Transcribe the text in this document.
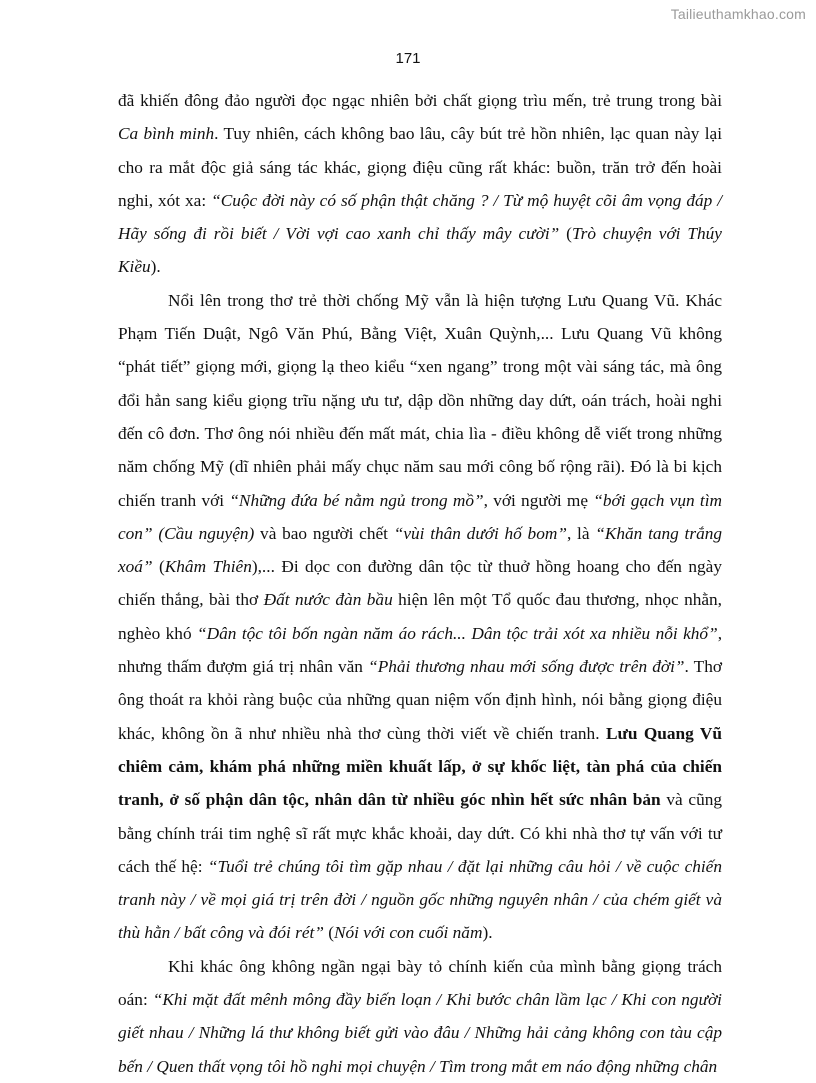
Tailieuthamkhao.com
171

đã khiến đông đảo người đọc ngạc nhiên bởi chất giọng trìu mến, trẻ trung trong bài Ca bình minh. Tuy nhiên, cách không bao lâu, cây bút trẻ hồn nhiên, lạc quan này lại cho ra mắt độc giả sáng tác khác, giọng điệu cũng rất khác: buồn, trăn trở đến hoài nghi, xót xa: “Cuộc đời này có số phận thật chăng ? / Từ mộ huyệt cõi âm vọng đáp / Hãy sống đi rồi biết / Vời vợi cao xanh chỉ thấy mây cười” (Trò chuyện với Thúy Kiều).

Nổi lên trong thơ trẻ thời chống Mỹ vẫn là hiện tượng Lưu Quang Vũ. Khác Phạm Tiến Duật, Ngô Văn Phú, Bằng Việt, Xuân Quỳnh,... Lưu Quang Vũ không “phát tiết” giọng mới, giọng lạ theo kiểu “xen ngang” trong một vài sáng tác, mà ông đổi hẳn sang kiểu giọng trĩu nặng ưu tư, dập dồn những day dứt, oán trách, hoài nghi đến cô đơn. Thơ ông nói nhiều đến mất mát, chia lìa - điều không dễ viết trong những năm chống Mỹ (dĩ nhiên phải mấy chục năm sau mới công bố rộng rãi). Đó là bi kịch chiến tranh với “Những đứa bé nằm ngủ trong mồ”, với người mẹ “bới gạch vụn tìm con” (Cầu nguyện) và bao người chết “vùi thân dưới hố bom”, là “Khăn tang trắng xoá” (Khâm Thiên),... Đi dọc con đường dân tộc từ thuở hồng hoang cho đến ngày chiến thắng, bài thơ Đất nước đàn bầu hiện lên một Tổ quốc đau thương, nhọc nhằn, nghèo khó “Dân tộc tôi bốn ngàn năm áo rách... Dân tộc trải xót xa nhiều nỗi khổ”, nhưng thấm đượm giá trị nhân văn “Phải thương nhau mới sống được trên đời”. Thơ ông thoát ra khỏi ràng buộc của những quan niệm vốn định hình, nói bằng giọng điệu khác, không ồn ã như nhiều nhà thơ cùng thời viết về chiến tranh. Lưu Quang Vũ chiêm cảm, khám phá những miền khuất lấp, ở sự khốc liệt, tàn phá của chiến tranh, ở số phận dân tộc, nhân dân từ nhiều góc nhìn hết sức nhân bản và cũng bằng chính trái tim nghệ sĩ rất mực khắc khoải, day dứt. Có khi nhà thơ tự vấn với tư cách thế hệ: “Tuổi trẻ chúng tôi tìm gặp nhau / đặt lại những câu hỏi / về cuộc chiến tranh này / về mọi giá trị trên đời / nguồn gốc những nguyên nhân / của chém giết và thù hằn / bất công và đói rét” (Nói với con cuối năm).

Khi khác ông không ngần ngại bày tỏ chính kiến của mình bằng giọng trách oán: “Khi mặt đất mênh mông đầy biến loạn / Khi bước chân lầm lạc / Khi con người giết nhau / Những lá thư không biết gửi vào đâu / Những hải cảng không con tàu cập bến / Quen thất vọng tôi hồ nghi mọi chuyện / Tìm trong mắt em náo động những chân
